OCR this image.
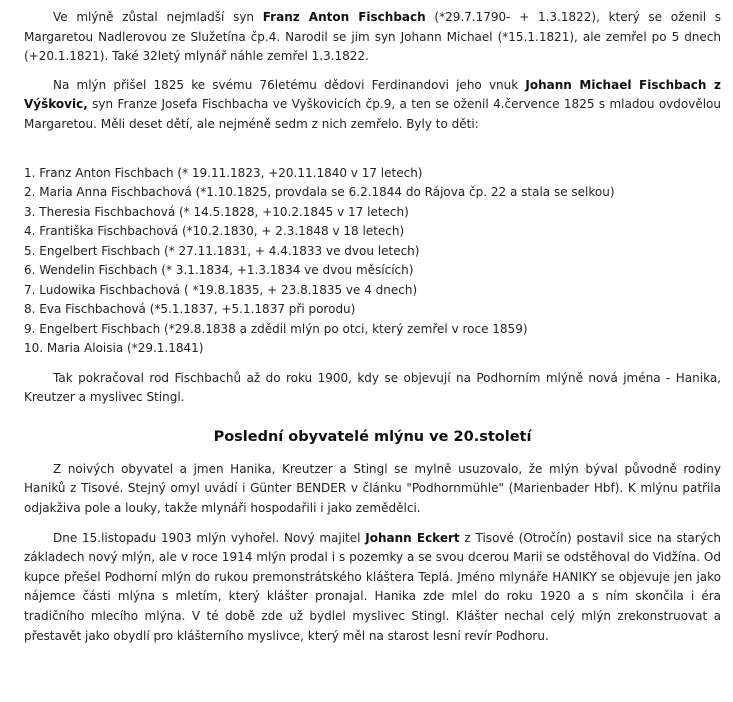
Ve mlýně zůstal nejmladší syn Franz Anton Fischbach (*29.7.1790- + 1.3.1822), který se oženil s Margaretou Nadlerovou ze Služetína čp.4. Narodil se jim syn Johann Michael (*15.1.1821), ale zemřel po 5 dnech (+20.1.1821). Také 32letý mlynář náhle zemřel 1.3.1822.

Na mlýn přišel 1825 ke svému 76letému dědovi Ferdinandovi jeho vnuk Johann Michael Fischbach z Výškovic, syn Franze Josefa Fischbacha ve Vyškovicích čp.9, a ten se oženil 4.července 1825 s mladou ovdovělou Margaretou. Měli deset dětí, ale nejméně sedm z nich zemřelo. Byly to děti:

1. Franz Anton Fischbach (* 19.11.1823, +20.11.1840 v 17 letech)
2. Maria Anna Fischbachová (*1.10.1825, provdala se 6.2.1844 do Rájova čp. 22 a stala se selkou)
3. Theresia Fischbachová (* 14.5.1828, +10.2.1845 v 17 letech)
4. Františka Fischbachová (*10.2.1830, + 2.3.1848 v 18 letech)
5. Engelbert Fischbach (* 27.11.1831, + 4.4.1833 ve dvou letech)
6. Wendelin Fischbach (* 3.1.1834, +1.3.1834 ve dvou měsících)
7. Ludowika Fischbachová ( *19.8.1835, + 23.8.1835 ve 4 dnech)
8. Eva Fischbachová (*5.1.1837, +5.1.1837 při porodu)
9. Engelbert Fischbach (*29.8.1838 a zdědil mlýn po otci, který zemřel v roce 1859)
10. Maria Aloisia (*29.1.1841)

Tak pokračoval rod Fischbachů až do roku 1900, kdy se objevují na Podhorním mlýně nová jména - Hanika, Kreutzer a myslivec Stingl.

Poslední obyvatelé mlýnu ve 20.století

Z noivých obyvatel a jmen Hanika, Kreutzer a Stingl se mylně usuzovalo, že mlýn býval původně rodiny Haniků z Tisové. Stejný omyl uvádí i Günter BENDER v článku "Podhornmühle" (Marienbader Hbf). K mlýnu patřila odjakživa pole a louky, takže mlynáři hospodařili i jako zemědělci.

Dne 15.listopadu 1903 mlýn vyhořel. Nový majitel Johann Eckert z Tisové (Otročín) postavil sice na starých základech nový mlýn, ale v roce 1914 mlýn prodal i s pozemky a se svou dcerou Marii se odstěhoval do Vidžína. Od kupce přešel Podhorní mlýn do rukou premonstrátského kláštera Teplá. Jméno mlynáře HANIKY se objevuje jen jako nájemce části mlýna s mletím, který klášter pronajal. Hanika zde mlel do roku 1920 a s ním skončila i éra tradičního mlecího mlýna. V té době zde už bydlel myslivec Stingl. Klášter nechal celý mlýn zrekonstruovat a přestavět jako obydlí pro klášterního myslivce, který měl na starost lesní revír Podhoru.
